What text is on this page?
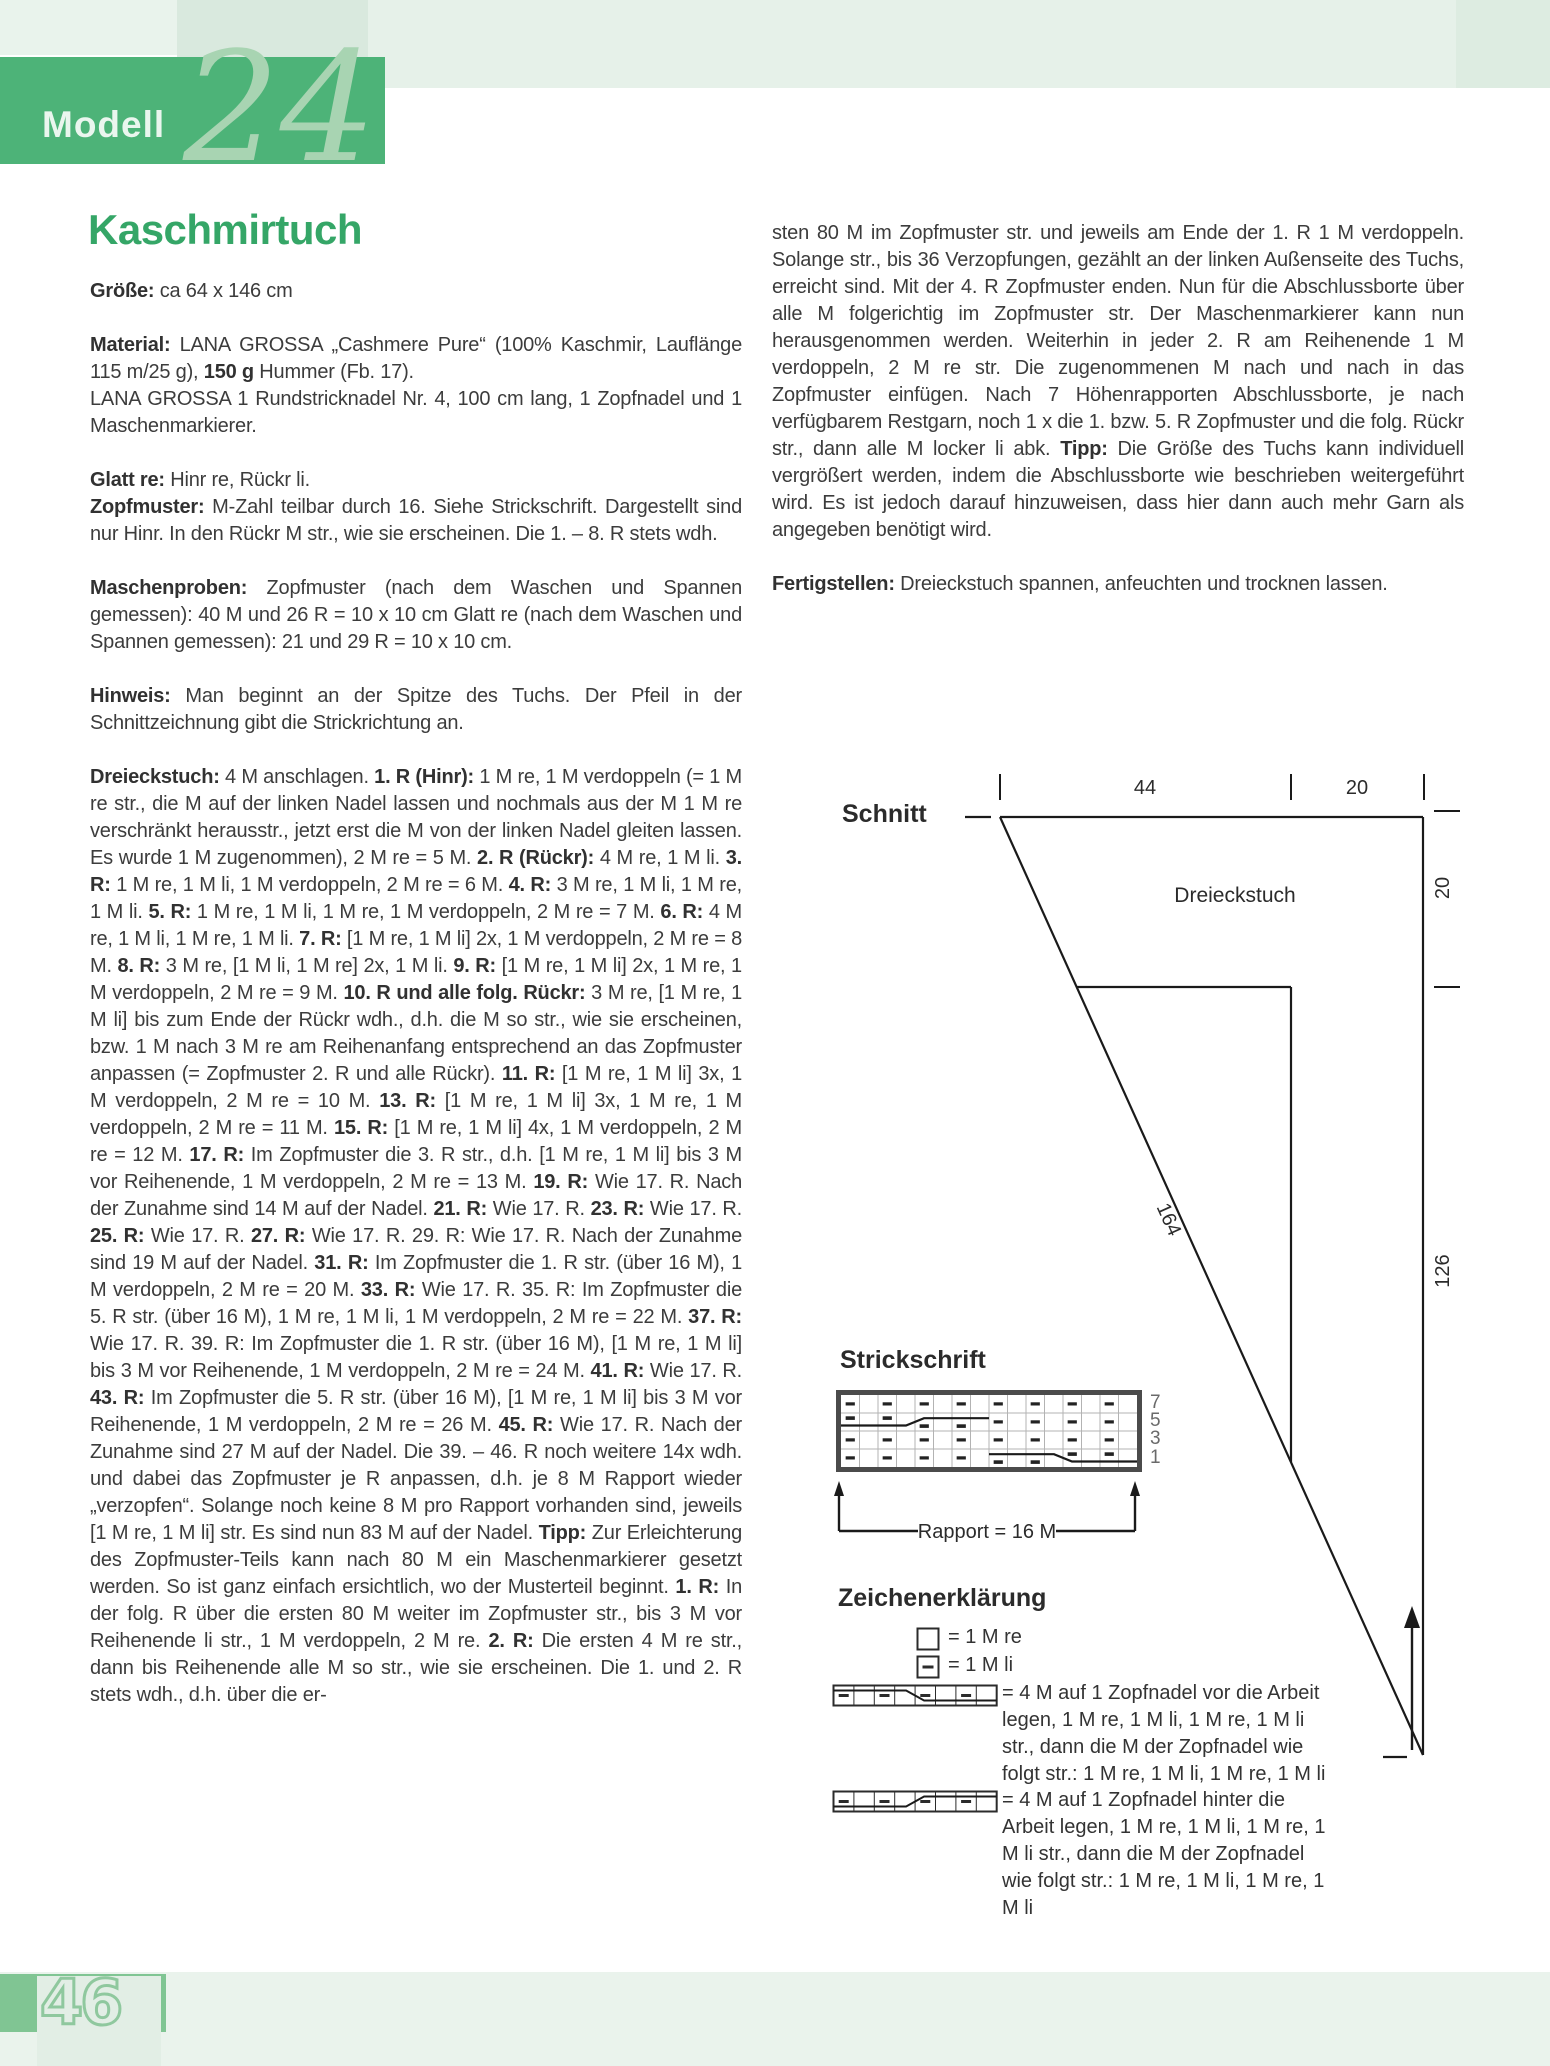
24
Modell
Kaschmirtuch

Größe: ca 64 x 146 cm

Material: LANA GROSSA „Cashmere Pure“ (100% Kaschmir, Lauflänge 115 m/25 g), 150 g Hummer (Fb. 17).
LANA GROSSA 1 Rundstricknadel Nr. 4, 100 cm lang, 1 Zopfnadel und 1 Maschenmarkierer.

Glatt re: Hinr re, Rückr li.
Zopfmuster: M-Zahl teilbar durch 16. Siehe Strickschrift. Dargestellt sind nur Hinr. In den Rückr M str., wie sie erscheinen. Die 1. – 8. R stets wdh.

Maschenproben: Zopfmuster (nach dem Waschen und Spannen gemessen): 40 M und 26 R = 10 x 10 cm Glatt re (nach dem Waschen und Spannen gemessen): 21 und 29 R = 10 x 10 cm.

Hinweis: Man beginnt an der Spitze des Tuchs. Der Pfeil in der Schnittzeichnung gibt die Strickrichtung an.

Dreieckstuch: 4 M anschlagen. 1. R (Hinr): 1 M re, 1 M verdoppeln (= 1 M re str., die M auf der linken Nadel lassen und nochmals aus der M 1 M re verschränkt herausstr., jetzt erst die M von der linken Nadel gleiten lassen. Es wurde 1 M zugenommen), 2 M re = 5 M. 2. R (Rückr): 4 M re, 1 M li. 3. R: 1 M re, 1 M li, 1 M verdoppeln, 2 M re = 6 M. 4. R: 3 M re, 1 M li, 1 M re, 1 M li. 5. R: 1 M re, 1 M li, 1 M re, 1 M verdoppeln, 2 M re = 7 M. 6. R: 4 M re, 1 M li, 1 M re, 1 M li. 7. R: [1 M re, 1 M li] 2x, 1 M verdoppeln, 2 M re = 8 M. 8. R: 3 M re, [1 M li, 1 M re] 2x, 1 M li. 9. R: [1 M re, 1 M li] 2x, 1 M re, 1 M verdoppeln, 2 M re = 9 M. 10. R und alle folg. Rückr: 3 M re, [1 M re, 1 M li] bis zum Ende der Rückr wdh., d.h. die M so str., wie sie erscheinen, bzw. 1 M nach 3 M re am Reihenanfang entsprechend an das Zopfmuster anpassen (= Zopfmuster 2. R und alle Rückr). 11. R: [1 M re, 1 M li] 3x, 1 M verdoppeln, 2 M re = 10 M. 13. R: [1 M re, 1 M li] 3x, 1 M re, 1 M verdoppeln, 2 M re = 11 M. 15. R: [1 M re, 1 M li] 4x, 1 M verdoppeln, 2 M re = 12 M. 17. R: Im Zopfmuster die 3. R str., d.h. [1 M re, 1 M li] bis 3 M vor Reihenende, 1 M verdoppeln, 2 M re = 13 M. 19. R: Wie 17. R. Nach der Zunahme sind 14 M auf der Nadel. 21. R: Wie 17. R. 23. R: Wie 17. R. 25. R: Wie 17. R. 27. R: Wie 17. R. 29. R: Wie 17. R. Nach der Zunahme sind 19 M auf der Nadel. 31. R: Im Zopfmuster die 1. R str. (über 16 M), 1 M verdoppeln, 2 M re = 20 M. 33. R: Wie 17. R. 35. R: Im Zopfmuster die 5. R str. (über 16 M), 1 M re, 1 M li, 1 M verdoppeln, 2 M re = 22 M. 37. R: Wie 17. R. 39. R: Im Zopfmuster die 1. R str. (über 16 M), [1 M re, 1 M li] bis 3 M vor Reihenende, 1 M verdoppeln, 2 M re = 24 M. 41. R: Wie 17. R. 43. R: Im Zopfmuster die 5. R str. (über 16 M), [1 M re, 1 M li] bis 3 M vor Reihenende, 1 M verdoppeln, 2 M re = 26 M. 45. R: Wie 17. R. Nach der Zunahme sind 27 M auf der Nadel. Die 39. – 46. R noch weitere 14x wdh. und dabei das Zopfmuster je R anpassen, d.h. je 8 M Rapport wieder „verzopfen“. Solange noch keine 8 M pro Rapport vorhanden sind, jeweils [1 M re, 1 M li] str. Es sind nun 83 M auf der Nadel. Tipp: Zur Erleichterung des Zopfmuster-Teils kann nach 80 M ein Maschenmarkierer gesetzt werden. So ist ganz einfach ersichtlich, wo der Musterteil beginnt. 1. R: In der folg. R über die ersten 80 M weiter im Zopfmuster str., bis 3 M vor Reihenende li str., 1 M verdoppeln, 2 M re. 2. R: Die ersten 4 M re str., dann bis Reihenende alle M so str., wie sie erscheinen. Die 1. und 2. R stets wdh., d.h. über die er-

sten 80 M im Zopfmuster str. und jeweils am Ende der 1. R 1 M verdoppeln. Solange str., bis 36 Verzopfungen, gezählt an der linken Außenseite des Tuchs, erreicht sind. Mit der 4. R Zopfmuster enden. Nun für die Abschlussborte über alle M folgerichtig im Zopfmuster str. Der Maschenmarkierer kann nun herausgenommen werden. Weiterhin in jeder 2. R am Reihenende 1 M verdoppeln, 2 M re str. Die zugenommenen M nach und nach in das Zopfmuster einfügen. Nach 7 Höhenrapporten Abschlussborte, je nach verfügbarem Restgarn, noch 1 x die 1. bzw. 5. R Zopfmuster und die folg. Rückr str., dann alle M locker li abk. Tipp: Die Größe des Tuchs kann individuell vergrößert werden, indem die Abschlussborte wie beschrieben weitergeführt wird. Es ist jedoch darauf hinzuweisen, dass hier dann auch mehr Garn als angegeben benötigt wird.

Fertigstellen: Dreieckstuch spannen, anfeuchten und trocknen lassen.

Schnitt
44	20
20
126
164
Dreieckstuch
Strickschrift
7
5
3
1
Rapport = 16 M
Zeichenerklärung
= 1 M re
= 1 M li
= 4 M auf 1 Zopfnadel vor die Arbeit legen, 1 M re, 1 M li, 1 M re, 1 M li str., dann die M der Zopfnadel wie folgt str.: 1 M re, 1 M li, 1 M re, 1 M li
= 4 M auf 1 Zopfnadel hinter die Arbeit legen, 1 M re, 1 M li, 1 M re, 1 M li str., dann die M der Zopfnadel wie folgt str.: 1 M re, 1 M li, 1 M re, 1 M li
46
